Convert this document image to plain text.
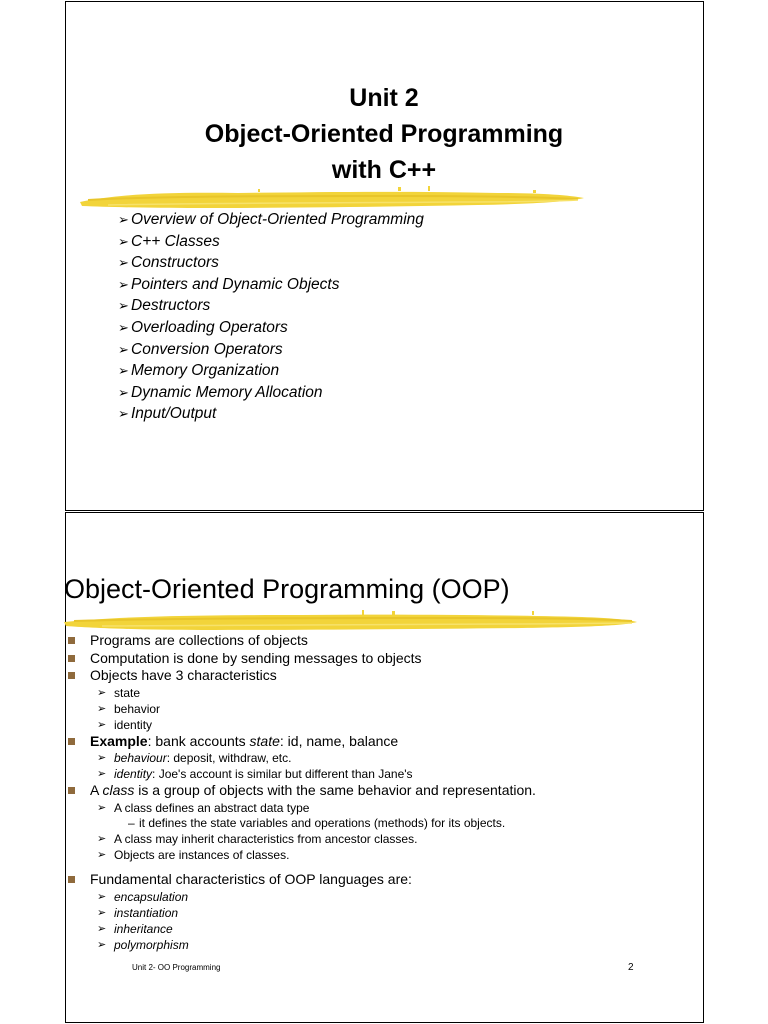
Unit 2
Object-Oriented Programming
with C++
➢ Overview of Object-Oriented Programming
➢ C++ Classes
➢ Constructors
➢ Pointers and Dynamic Objects
➢ Destructors
➢ Overloading Operators
➢ Conversion Operators
➢ Memory Organization
➢ Dynamic Memory Allocation
➢ Input/Output
Object-Oriented Programming (OOP)
Programs are collections of objects
Computation is done by sending messages to objects
Objects have 3 characteristics
➢ state
➢ behavior
➢ identity
Example: bank accounts state: id, name, balance
➢ behaviour: deposit, withdraw, etc.
➢ identity: Joe's account is similar but different than Jane's
A class is a group of objects with the same behavior and representation.
➢ A class defines an abstract data type
– it defines the state variables and operations (methods) for its objects.
➢ A class may inherit characteristics from ancestor classes.
➢ Objects are instances of classes.
Fundamental characteristics of OOP languages are:
➢ encapsulation
➢ instantiation
➢ inheritance
➢ polymorphism
Unit 2- OO Programming	2
